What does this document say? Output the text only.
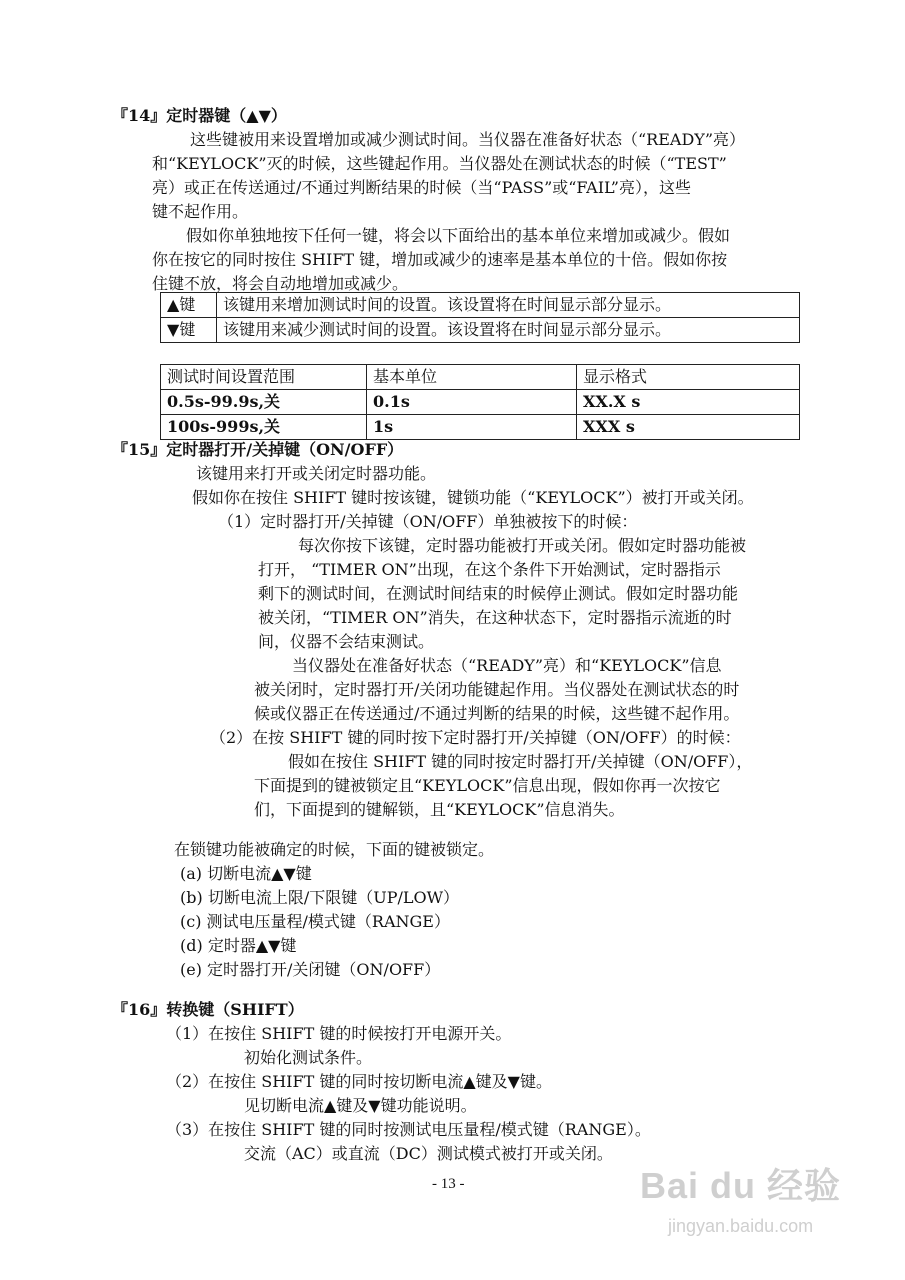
『14』定时器键（▲▼）
这些键被用来设置增加或减少测试时间。当仪器在准备好状态（“READY”亮）
和“KEYLOCK”灭的时候，这些键起作用。当仪器处在测试状态的时候（“TEST”
亮）或正在传送通过/不通过判断结果的时候（当“PASS”或“FAIL”亮），这些
键不起作用。
假如你单独地按下任何一键，将会以下面给出的基本单位来增加或减少。假如
你在按它的同时按住 SHIFT 键，增加或减少的速率是基本单位的十倍。假如你按
住键不放，将会自动地增加或减少。
▲键	该键用来增加测试时间的设置。该设置将在时间显示部分显示。
▼键	该键用来减少测试时间的设置。该设置将在时间显示部分显示。
测试时间设置范围	基本单位	显示格式
0.5s-99.9s,关	0.1s	XX.X s
100s-999s,关	1s	XXX s
『15』定时器打开/关掉键（ON/OFF）
该键用来打开或关闭定时器功能。
假如你在按住 SHIFT 键时按该键，键锁功能（“KEYLOCK”）被打开或关闭。
（1）定时器打开/关掉键（ON/OFF）单独被按下的时候：
每次你按下该键，定时器功能被打开或关闭。假如定时器功能被
打开， “TIMER ON”出现，在这个条件下开始测试，定时器指示
剩下的测试时间，在测试时间结束的时候停止测试。假如定时器功能
被关闭，“TIMER ON”消失，在这种状态下，定时器指示流逝的时
间，仪器不会结束测试。
当仪器处在准备好状态（“READY”亮）和“KEYLOCK”信息
被关闭时，定时器打开/关闭功能键起作用。当仪器处在测试状态的时
候或仪器正在传送通过/不通过判断的结果的时候，这些键不起作用。
（2）在按 SHIFT 键的同时按下定时器打开/关掉键（ON/OFF）的时候：
假如在按住 SHIFT 键的同时按定时器打开/关掉键（ON/OFF），
下面提到的键被锁定且“KEYLOCK”信息出现，假如你再一次按它
们，下面提到的键解锁，且“KEYLOCK”信息消失。
在锁键功能被确定的时候，下面的键被锁定。
(a) 切断电流▲▼键
(b) 切断电流上限/下限键（UP/LOW）
(c) 测试电压量程/模式键（RANGE）
(d) 定时器▲▼键
(e) 定时器打开/关闭键（ON/OFF）
『16』转换键（SHIFT）
（1）在按住 SHIFT 键的时候按打开电源开关。
初始化测试条件。
（2）在按住 SHIFT 键的同时按切断电流▲键及▼键。
见切断电流▲键及▼键功能说明。
（3）在按住 SHIFT 键的同时按测试电压量程/模式键（RANGE）。
交流（AC）或直流（DC）测试模式被打开或关闭。
- 13 -	Bai du 经验
jingyan.baidu.com
